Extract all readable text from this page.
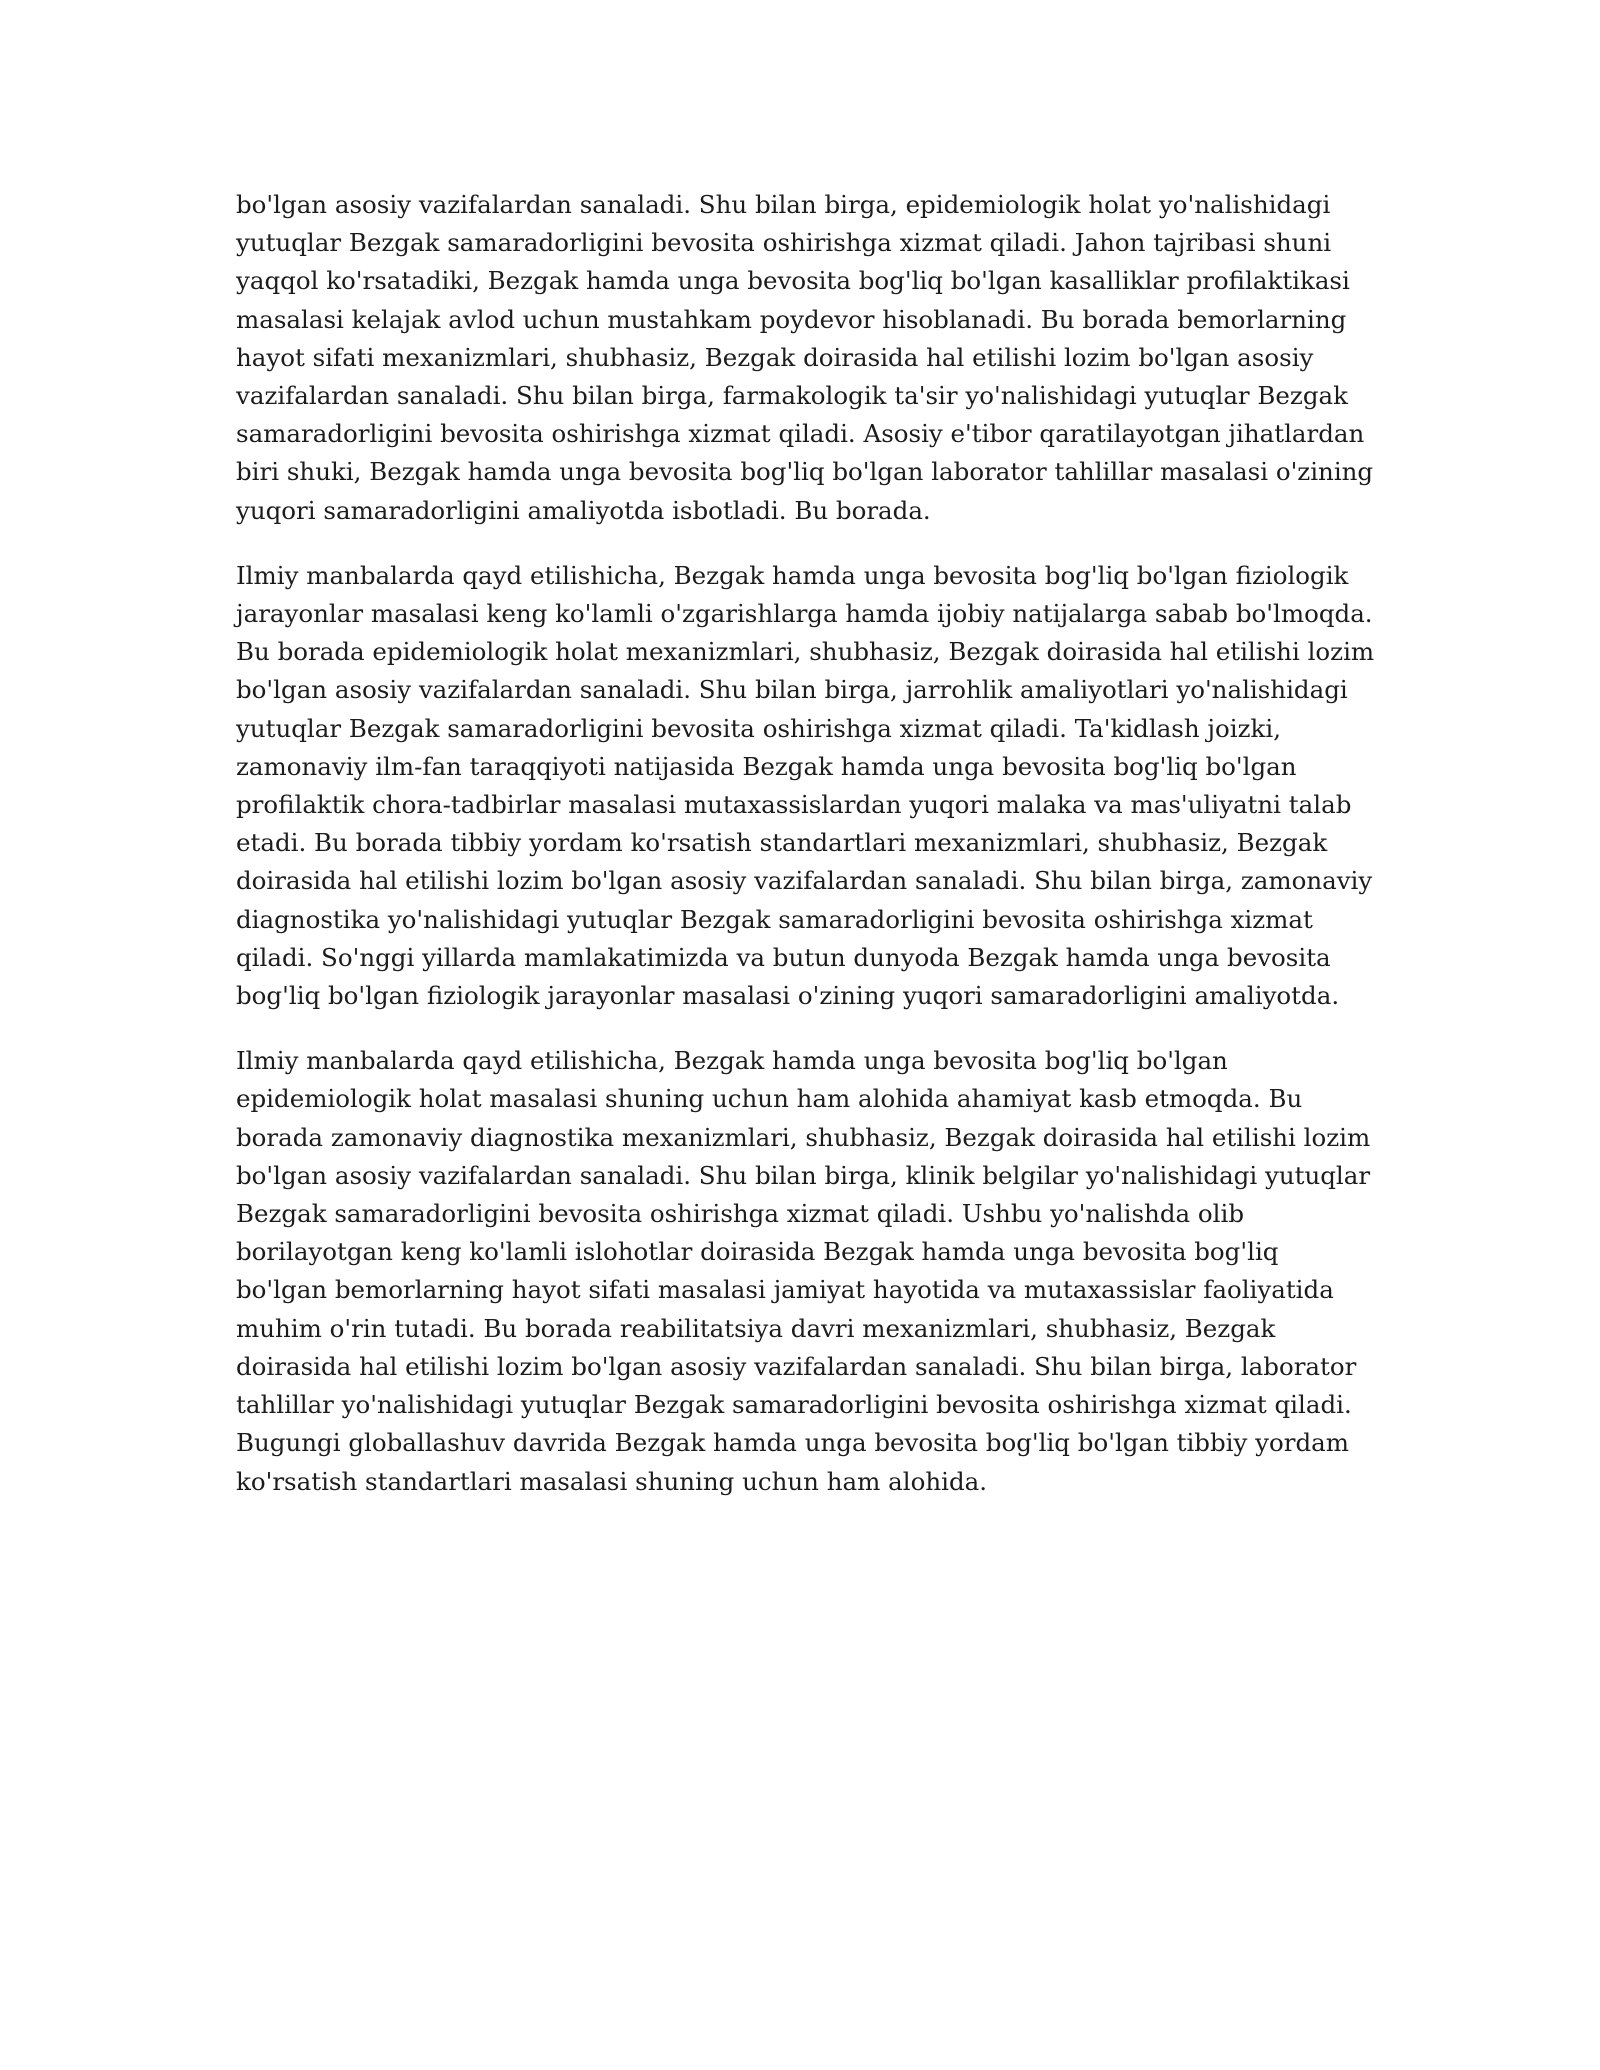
bo'lgan asosiy vazifalardan sanaladi. Shu bilan birga, epidemiologik holat yo'nalishidagi yutuqlar Bezgak samaradorligini bevosita oshirishga xizmat qiladi. Jahon tajribasi shuni yaqqol ko'rsatadiki, Bezgak hamda unga bevosita bog'liq bo'lgan kasalliklar profilaktikasi masalasi kelajak avlod uchun mustahkam poydevor hisoblanadi. Bu borada bemorlarning hayot sifati mexanizmlari, shubhasiz, Bezgak doirasida hal etilishi lozim bo'lgan asosiy vazifalardan sanaladi. Shu bilan birga, farmakologik ta'sir yo'nalishidagi yutuqlar Bezgak samaradorligini bevosita oshirishga xizmat qiladi. Asosiy e'tibor qaratilayotgan jihatlardan biri shuki, Bezgak hamda unga bevosita bog'liq bo'lgan laborator tahlillar masalasi o'zining yuqori samaradorligini amaliyotda isbotladi. Bu borada.

Ilmiy manbalarda qayd etilishicha, Bezgak hamda unga bevosita bog'liq bo'lgan fiziologik jarayonlar masalasi keng ko'lamli o'zgarishlarga hamda ijobiy natijalarga sabab bo'lmoqda. Bu borada epidemiologik holat mexanizmlari, shubhasiz, Bezgak doirasida hal etilishi lozim bo'lgan asosiy vazifalardan sanaladi. Shu bilan birga, jarrohlik amaliyotlari yo'nalishidagi yutuqlar Bezgak samaradorligini bevosita oshirishga xizmat qiladi. Ta'kidlash joizki, zamonaviy ilm-fan taraqqiyoti natijasida Bezgak hamda unga bevosita bog'liq bo'lgan profilaktik chora-tadbirlar masalasi mutaxassislardan yuqori malaka va mas'uliyatni talab etadi. Bu borada tibbiy yordam ko'rsatish standartlari mexanizmlari, shubhasiz, Bezgak doirasida hal etilishi lozim bo'lgan asosiy vazifalardan sanaladi. Shu bilan birga, zamonaviy diagnostika yo'nalishidagi yutuqlar Bezgak samaradorligini bevosita oshirishga xizmat qiladi. So'nggi yillarda mamlakatimizda va butun dunyoda Bezgak hamda unga bevosita bog'liq bo'lgan fiziologik jarayonlar masalasi o'zining yuqori samaradorligini amaliyotda.

Ilmiy manbalarda qayd etilishicha, Bezgak hamda unga bevosita bog'liq bo'lgan epidemiologik holat masalasi shuning uchun ham alohida ahamiyat kasb etmoqda. Bu borada zamonaviy diagnostika mexanizmlari, shubhasiz, Bezgak doirasida hal etilishi lozim bo'lgan asosiy vazifalardan sanaladi. Shu bilan birga, klinik belgilar yo'nalishidagi yutuqlar Bezgak samaradorligini bevosita oshirishga xizmat qiladi. Ushbu yo'nalishda olib borilayotgan keng ko'lamli islohotlar doirasida Bezgak hamda unga bevosita bog'liq bo'lgan bemorlarning hayot sifati masalasi jamiyat hayotida va mutaxassislar faoliyatida muhim o'rin tutadi. Bu borada reabilitatsiya davri mexanizmlari, shubhasiz, Bezgak doirasida hal etilishi lozim bo'lgan asosiy vazifalardan sanaladi. Shu bilan birga, laborator tahlillar yo'nalishidagi yutuqlar Bezgak samaradorligini bevosita oshirishga xizmat qiladi. Bugungi globallashuv davrida Bezgak hamda unga bevosita bog'liq bo'lgan tibbiy yordam ko'rsatish standartlari masalasi shuning uchun ham alohida.
